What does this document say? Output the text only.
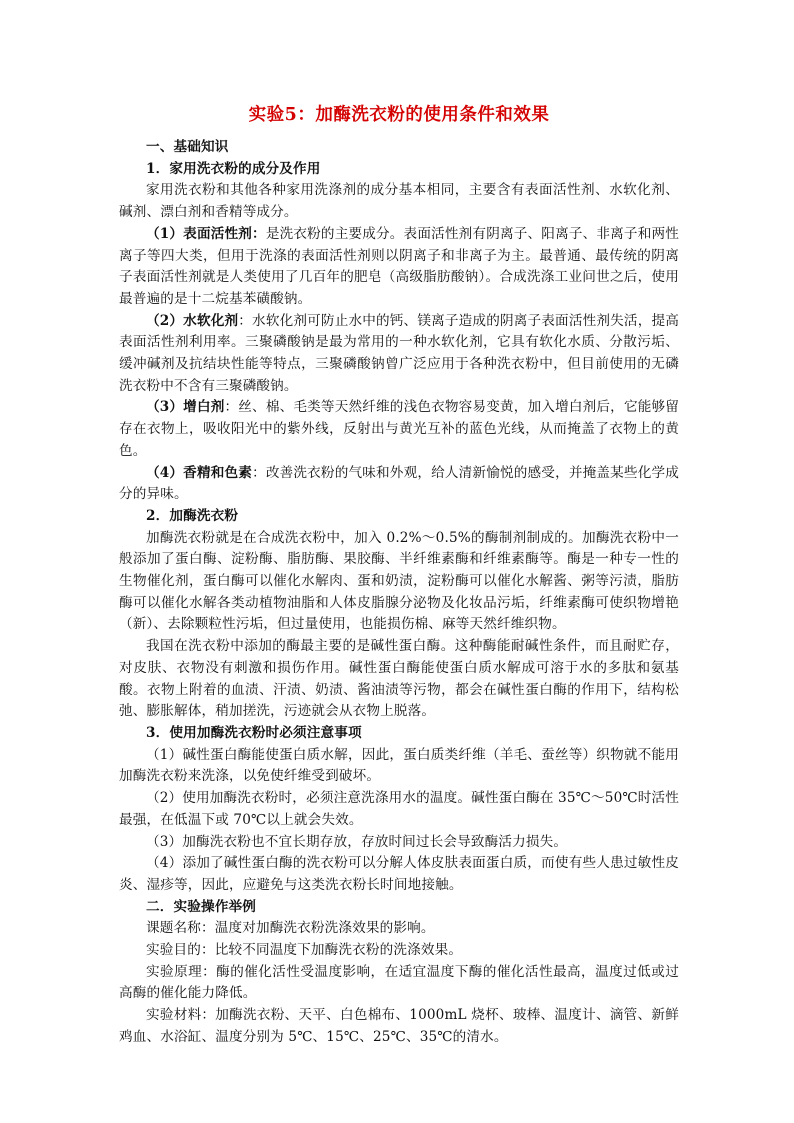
实验5：加酶洗衣粉的使用条件和效果

一、基础知识

1．家用洗衣粉的成分及作用

家用洗衣粉和其他各种家用洗涤剂的成分基本相同，主要含有表面活性剂、水软化剂、碱剂、漂白剂和香精等成分。

（1）表面活性剂：是洗衣粉的主要成分。表面活性剂有阴离子、阳离子、非离子和两性离子等四大类，但用于洗涤的表面活性剂则以阴离子和非离子为主。最普通、最传统的阴离子表面活性剂就是人类使用了几百年的肥皂（高级脂肪酸钠）。合成洗涤工业问世之后，使用最普遍的是十二烷基苯磺酸钠。

（2）水软化剂：水软化剂可防止水中的钙、镁离子造成的阴离子表面活性剂失活，提高表面活性剂利用率。三聚磷酸钠是最为常用的一种水软化剂，它具有软化水质、分散污垢、缓冲碱剂及抗结块性能等特点，三聚磷酸钠曾广泛应用于各种洗衣粉中，但目前使用的无磷洗衣粉中不含有三聚磷酸钠。

（3）增白剂：丝、棉、毛类等天然纤维的浅色衣物容易变黄，加入增白剂后，它能够留存在衣物上，吸收阳光中的紫外线，反射出与黄光互补的蓝色光线，从而掩盖了衣物上的黄色。

（4）香精和色素：改善洗衣粉的气味和外观，给人清新愉悦的感受，并掩盖某些化学成分的异味。

2．加酶洗衣粉

加酶洗衣粉就是在合成洗衣粉中，加入 0.2%～0.5%的酶制剂制成的。加酶洗衣粉中一般添加了蛋白酶、淀粉酶、脂肪酶、果胶酶、半纤维素酶和纤维素酶等。酶是一种专一性的生物催化剂，蛋白酶可以催化水解肉、蛋和奶渍，淀粉酶可以催化水解酱、粥等污渍，脂肪酶可以催化水解各类动植物油脂和人体皮脂腺分泌物及化妆品污垢，纤维素酶可使织物增艳（新）、去除颗粒性污垢，但过量使用，也能损伤棉、麻等天然纤维织物。

我国在洗衣粉中添加的酶最主要的是碱性蛋白酶。这种酶能耐碱性条件，而且耐贮存，对皮肤、衣物没有刺激和损伤作用。碱性蛋白酶能使蛋白质水解成可溶于水的多肽和氨基酸。衣物上附着的血渍、汗渍、奶渍、酱油渍等污物，都会在碱性蛋白酶的作用下，结构松弛、膨胀解体，稍加搓洗，污迹就会从衣物上脱落。

3．使用加酶洗衣粉时必须注意事项

（1）碱性蛋白酶能使蛋白质水解，因此，蛋白质类纤维（羊毛、蚕丝等）织物就不能用加酶洗衣粉来洗涤，以免使纤维受到破坏。

（2）使用加酶洗衣粉时，必须注意洗涤用水的温度。碱性蛋白酶在 35℃～50℃时活性最强，在低温下或 70℃以上就会失效。

（3）加酶洗衣粉也不宜长期存放，存放时间过长会导致酶活力损失。

（4）添加了碱性蛋白酶的洗衣粉可以分解人体皮肤表面蛋白质，而使有些人患过敏性皮炎、湿疹等，因此，应避免与这类洗衣粉长时间地接触。

二．实验操作举例

课题名称：温度对加酶洗衣粉洗涤效果的影响。

实验目的：比较不同温度下加酶洗衣粉的洗涤效果。

实验原理：酶的催化活性受温度影响，在适宜温度下酶的催化活性最高，温度过低或过高酶的催化能力降低。

实验材料：加酶洗衣粉、天平、白色棉布、1000mL 烧杯、玻棒、温度计、滴管、新鲜鸡血、水浴缸、温度分别为 5℃、15℃、25℃、35℃的清水。
